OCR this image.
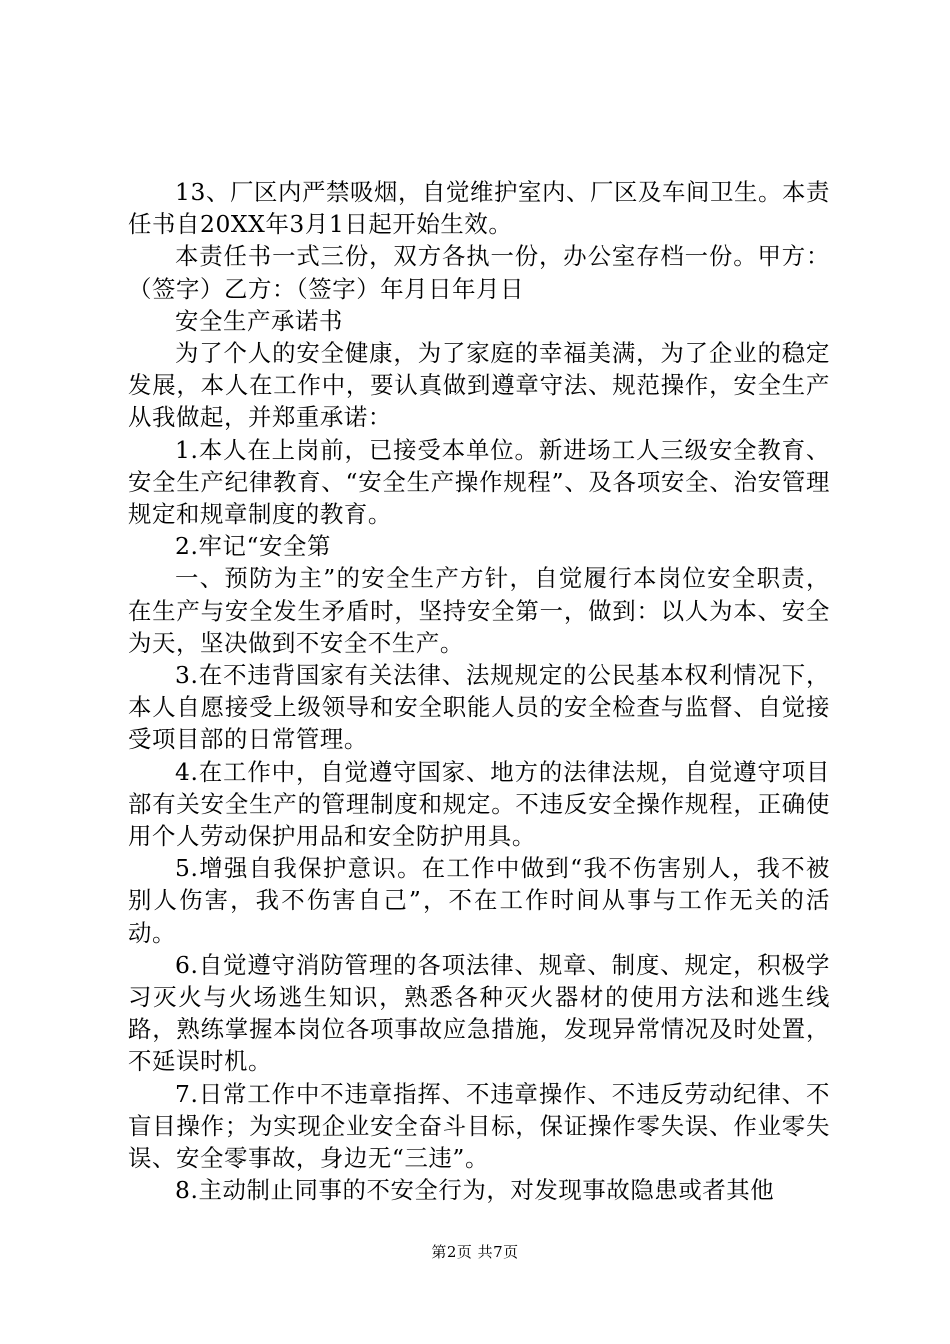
13、厂区内严禁吸烟，自觉维护室内、厂区及车间卫生。本责任书自20XX年3月1日起开始生效。

本责任书一式三份，双方各执一份，办公室存档一份。甲方：（签字）乙方：（签字）年月日年月日

安全生产承诺书

为了个人的安全健康，为了家庭的幸福美满，为了企业的稳定发展，本人在工作中，要认真做到遵章守法、规范操作，安全生产从我做起，并郑重承诺：

1.本人在上岗前，已接受本单位。新进场工人三级安全教育、安全生产纪律教育、“安全生产操作规程”、及各项安全、治安管理规定和规章制度的教育。

2.牢记“安全第

一、预防为主”的安全生产方针，自觉履行本岗位安全职责，在生产与安全发生矛盾时，坚持安全第一，做到：以人为本、安全为天，坚决做到不安全不生产。

3.在不违背国家有关法律、法规规定的公民基本权利情况下，本人自愿接受上级领导和安全职能人员的安全检查与监督、自觉接受项目部的日常管理。

4.在工作中，自觉遵守国家、地方的法律法规，自觉遵守项目部有关安全生产的管理制度和规定。不违反安全操作规程，正确使用个人劳动保护用品和安全防护用具。

5.增强自我保护意识。在工作中做到“我不伤害别人，我不被别人伤害，我不伤害自己”，不在工作时间从事与工作无关的活动。

6.自觉遵守消防管理的各项法律、规章、制度、规定，积极学习灭火与火场逃生知识，熟悉各种灭火器材的使用方法和逃生线路，熟练掌握本岗位各项事故应急措施，发现异常情况及时处置，不延误时机。

7.日常工作中不违章指挥、不违章操作、不违反劳动纪律、不盲目操作；为实现企业安全奋斗目标，保证操作零失误、作业零失误、安全零事故，身边无“三违”。

8.主动制止同事的不安全行为，对发现事故隐患或者其他

第2页 共7页
